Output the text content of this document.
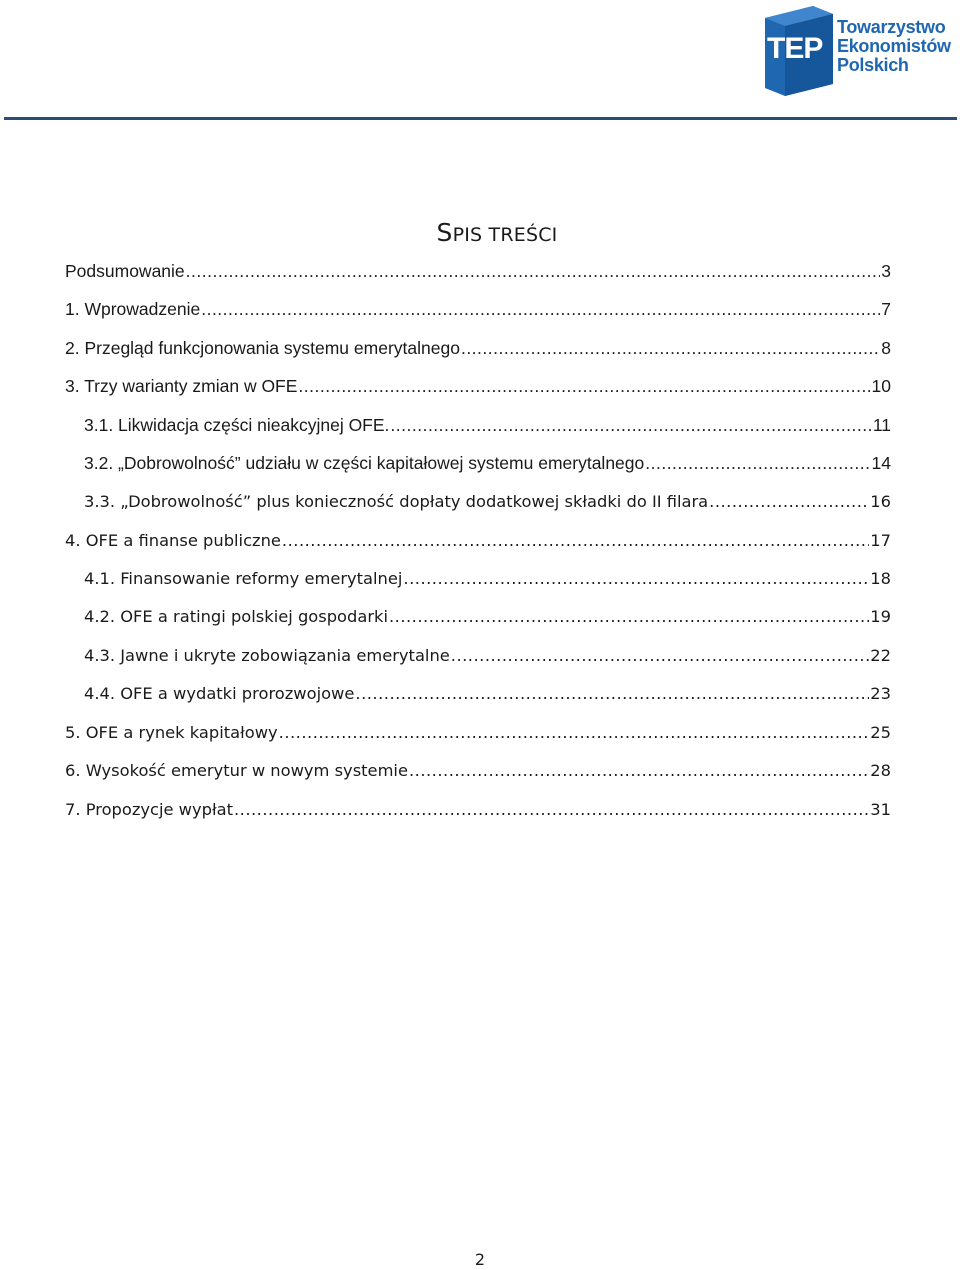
TEP
Towarzystwo
Ekonomistów
Polskich
SPIS TREŚCI
Podsumowanie .....	3
1. Wprowadzenie .....	7
2. Przegląd funkcjonowania systemu emerytalnego .....	8
3. Trzy warianty zmian w OFE .....	10
3.1. Likwidacja części nieakcyjnej OFE. .....	11
3.2. „Dobrowolność” udziału w części kapitałowej systemu emerytalnego .....	14
3.3. „Dobrowolność” plus konieczność dopłaty dodatkowej składki do II filara .....	16
4. OFE a finanse publiczne .....	17
4.1. Finansowanie reformy emerytalnej .....	18
4.2. OFE a ratingi polskiej gospodarki .....	19
4.3. Jawne i ukryte zobowiązania emerytalne .....	22
4.4. OFE a wydatki prorozwojowe .....	23
5. OFE a rynek kapitałowy .....	25
6. Wysokość emerytur w nowym systemie .....	28
7. Propozycje wypłat .....	31
2
